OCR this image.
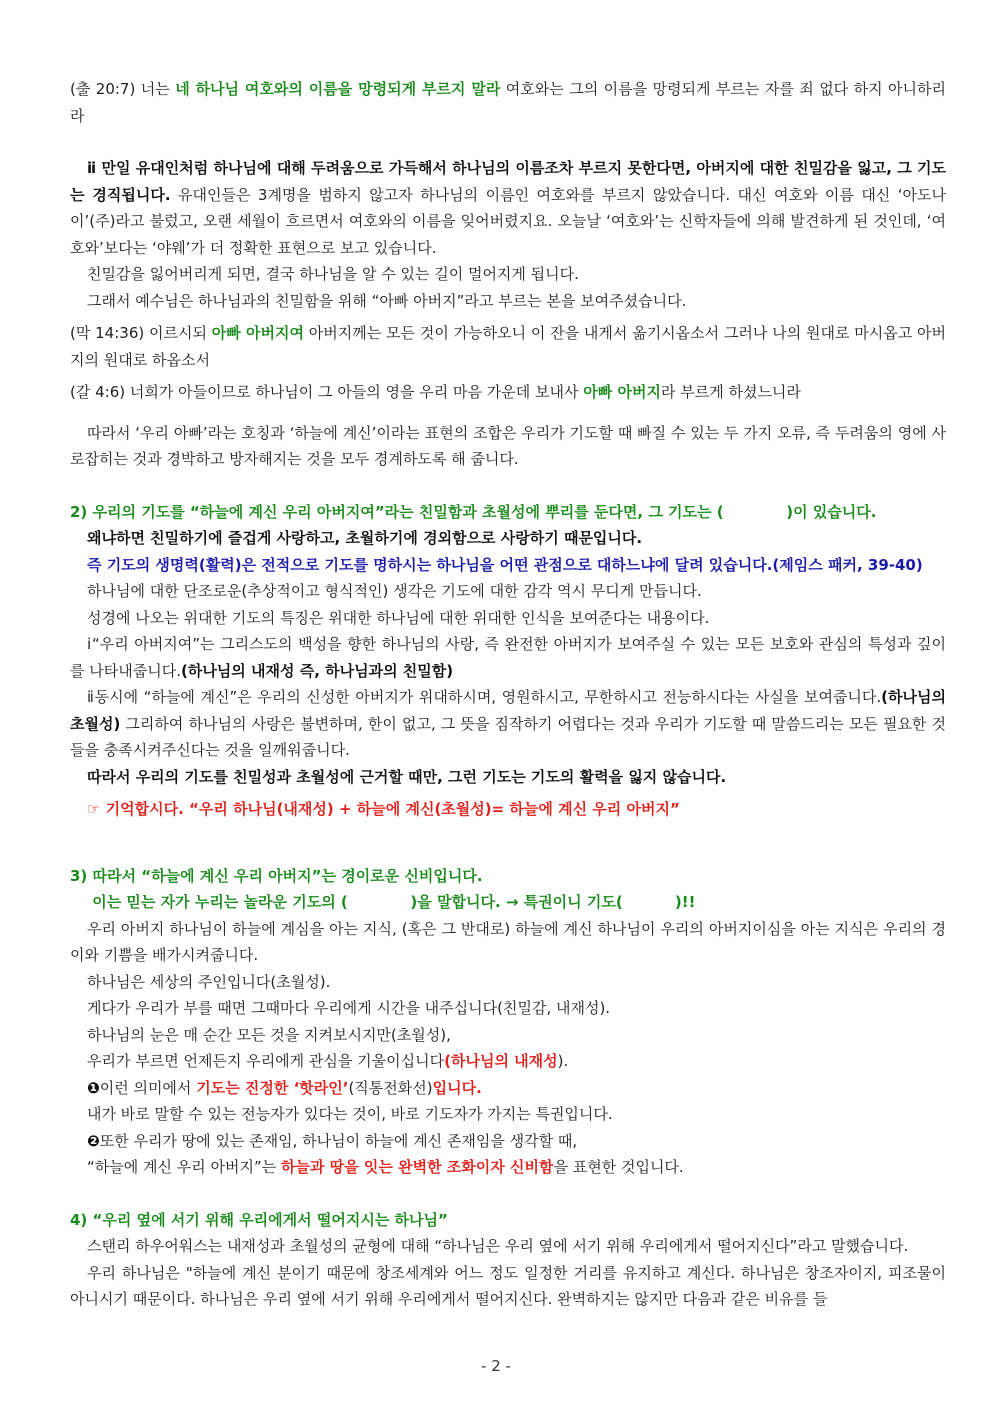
(출 20:7) 너는 네 하나님 여호와의 이름을 망령되게 부르지 말라 여호와는 그의 이름을 망령되게 부르는 자를 죄 없다 하지 아니하리라

ⅱ 만일 유대인처럼 하나님에 대해 두려움으로 가득해서 하나님의 이름조차 부르지 못한다면, 아버지에 대한 친밀감을 잃고, 그 기도는 경직됩니다. 유대인들은 3계명을 범하지 않고자 하나님의 이름인 여호와를 부르지 않았습니다. 대신 여호와 이름 대신 ‘아도나이’(주)라고 불렀고, 오랜 세월이 흐르면서 여호와의 이름을 잊어버렸지요. 오늘날 ‘여호와’는 신학자들에 의해 발견하게 된 것인데, ‘여호와’보다는 ‘야웨’가 더 정확한 표현으로 보고 있습니다.

친밀감을 잃어버리게 되면, 결국 하나님을 알 수 있는 길이 멀어지게 됩니다.

그래서 예수님은 하나님과의 친밀함을 위해 “아빠 아버지”라고 부르는 본을 보여주셨습니다.

(막 14:36) 이르시되 아빠 아버지여 아버지께는 모든 것이 가능하오니 이 잔을 내게서 옮기시옵소서 그러나 나의 원대로 마시옵고 아버지의 원대로 하옵소서

(갈 4:6) 너희가 아들이므로 하나님이 그 아들의 영을 우리 마음 가운데 보내사 아빠 아버지라 부르게 하셨느니라

따라서 ‘우리 아빠’라는 호칭과 ‘하늘에 계신’이라는 표현의 조합은 우리가 기도할 때 빠질 수 있는 두 가지 오류, 즉 두려움의 영에 사로잡히는 것과 경박하고 방자해지는 것을 모두 경계하도록 해 줍니다.

2) 우리의 기도를 “하늘에 계신 우리 아버지여”라는 친밀함과 초월성에 뿌리를 둔다면, 그 기도는 (            )이 있습니다.

왜냐하면 친밀하기에 즐겁게 사랑하고, 초월하기에 경외함으로 사랑하기 때문입니다.

즉 기도의 생명력(활력)은 전적으로 기도를 명하시는 하나님을 어떤 관점으로 대하느냐에 달려 있습니다.(제임스 패커, 39-40)

하나님에 대한 단조로운(추상적이고 형식적인) 생각은 기도에 대한 감각 역시 무디게 만듭니다.

성경에 나오는 위대한 기도의 특징은 위대한 하나님에 대한 위대한 인식을 보여준다는 내용이다.

ⅰ“우리 아버지여”는 그리스도의 백성을 향한 하나님의 사랑, 즉 완전한 아버지가 보여주실 수 있는 모든 보호와 관심의 특성과 깊이를 나타내줍니다.(하나님의 내재성 즉, 하나님과의 친밀함)

ⅱ동시에 “하늘에 계신”은 우리의 신성한 아버지가 위대하시며, 영원하시고, 무한하시고 전능하시다는 사실을 보여줍니다.(하나님의 초월성) 그리하여 하나님의 사랑은 불변하며, 한이 없고, 그 뜻을 짐작하기 어렵다는 것과 우리가 기도할 때 말씀드리는 모든 필요한 것들을 충족시켜주신다는 것을 일깨워줍니다.

따라서 우리의 기도를 친밀성과 초월성에 근거할 때만, 그런 기도는 기도의 활력을 잃지 않습니다.

☞ 기억합시다. “우리 하나님(내재성) + 하늘에 계신(초월성)= 하늘에 계신 우리 아버지”

3) 따라서 “하늘에 계신 우리 아버지”는 경이로운 신비입니다.

이는 믿는 자가 누리는 놀라운 기도의 (            )을 말합니다. → 특권이니 기도(          )!!

우리 아버지 하나님이 하늘에 계심을 아는 지식, (혹은 그 반대로) 하늘에 계신 하나님이 우리의 아버지이심을 아는 지식은 우리의 경이와 기쁨을 배가시켜줍니다.

하나님은 세상의 주인입니다(초월성).

게다가 우리가 부를 때면 그때마다 우리에게 시간을 내주십니다(친밀감, 내재성).

하나님의 눈은 매 순간 모든 것을 지켜보시지만(초월성),

우리가 부르면 언제든지 우리에게 관심을 기울이십니다(하나님의 내재성).

❶이런 의미에서 기도는 진정한 ‘핫라인’(직통전화선)입니다.

내가 바로 말할 수 있는 전능자가 있다는 것이, 바로 기도자가 가지는 특권입니다.

❷또한 우리가 땅에 있는 존재임, 하나님이 하늘에 계신 존재임을 생각할 때,

“하늘에 계신 우리 아버지”는 하늘과 땅을 잇는 완벽한 조화이자 신비함을 표현한 것입니다.

4) “우리 옆에 서기 위해 우리에게서 떨어지시는 하나님”

스탠리 하우어워스는 내재성과 초월성의 균형에 대해 “하나님은 우리 옆에 서기 위해 우리에게서 떨어지신다”라고 말했습니다.

우리 하나님은 "하늘에 계신 분이기 때문에 창조세계와 어느 정도 일정한 거리를 유지하고 계신다. 하나님은 창조자이지, 피조물이 아니시기 때문이다. 하나님은 우리 옆에 서기 위해 우리에게서 떨어지신다. 완벽하지는 않지만 다음과 같은 비유를 들

- 2 -
